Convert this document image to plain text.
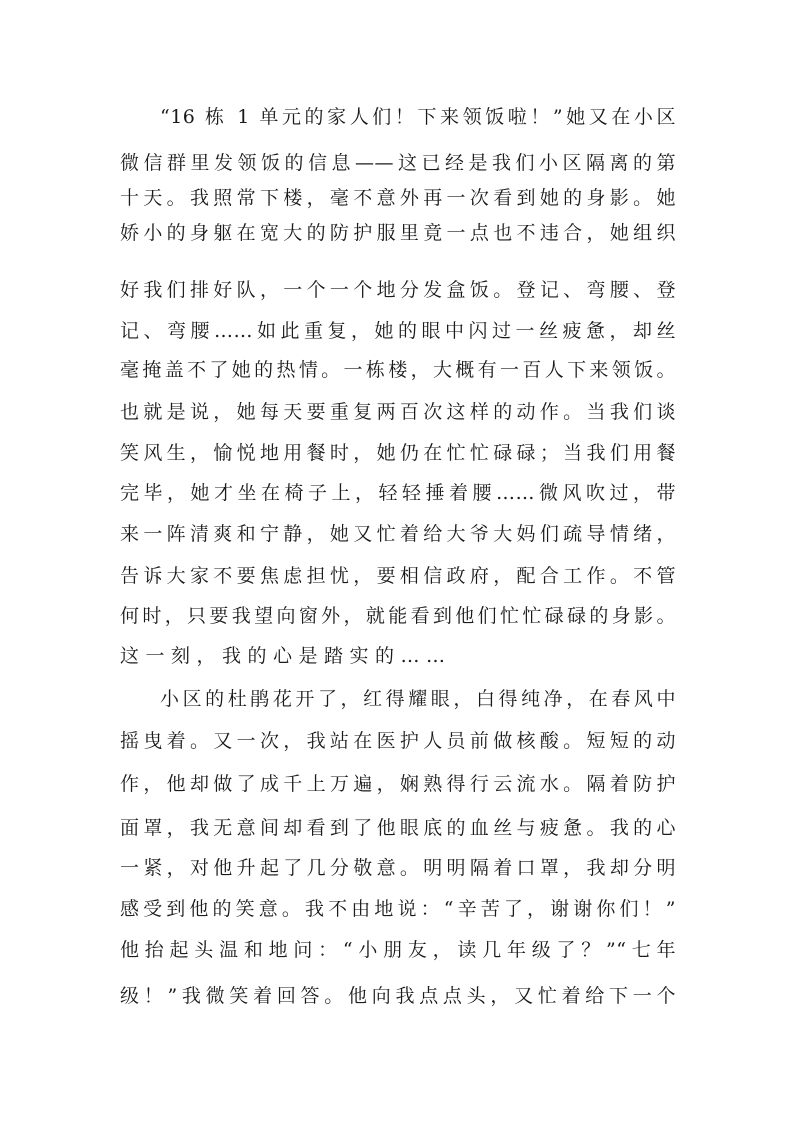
“16 栋 1 单元的家人们！下来领饭啦！”她又在小区
微信群里发领饭的信息——这已经是我们小区隔离的第
十天。我照常下楼，毫不意外再一次看到她的身影。她
娇小的身躯在宽大的防护服里竟一点也不违合，她组织
好我们排好队，一个一个地分发盒饭。登记、弯腰、登
记、弯腰……如此重复，她的眼中闪过一丝疲惫，却丝
毫掩盖不了她的热情。一栋楼，大概有一百人下来领饭。
也就是说，她每天要重复两百次这样的动作。当我们谈
笑风生，愉悦地用餐时，她仍在忙忙碌碌；当我们用餐
完毕，她才坐在椅子上，轻轻捶着腰……微风吹过，带
来一阵清爽和宁静，她又忙着给大爷大妈们疏导情绪，
告诉大家不要焦虑担忧，要相信政府，配合工作。不管
何时，只要我望向窗外，就能看到他们忙忙碌碌的身影。
这一刻，我的心是踏实的……
小区的杜鹃花开了，红得耀眼，白得纯净，在春风中
摇曳着。又一次，我站在医护人员前做核酸。短短的动
作，他却做了成千上万遍，娴熟得行云流水。隔着防护
面罩，我无意间却看到了他眼底的血丝与疲惫。我的心
一紧，对他升起了几分敬意。明明隔着口罩，我却分明
感受到他的笑意。我不由地说：“辛苦了，谢谢你们！”
他抬起头温和地问：“小朋友，读几年级了？”“七年
级！”我微笑着回答。他向我点点头，又忙着给下一个
